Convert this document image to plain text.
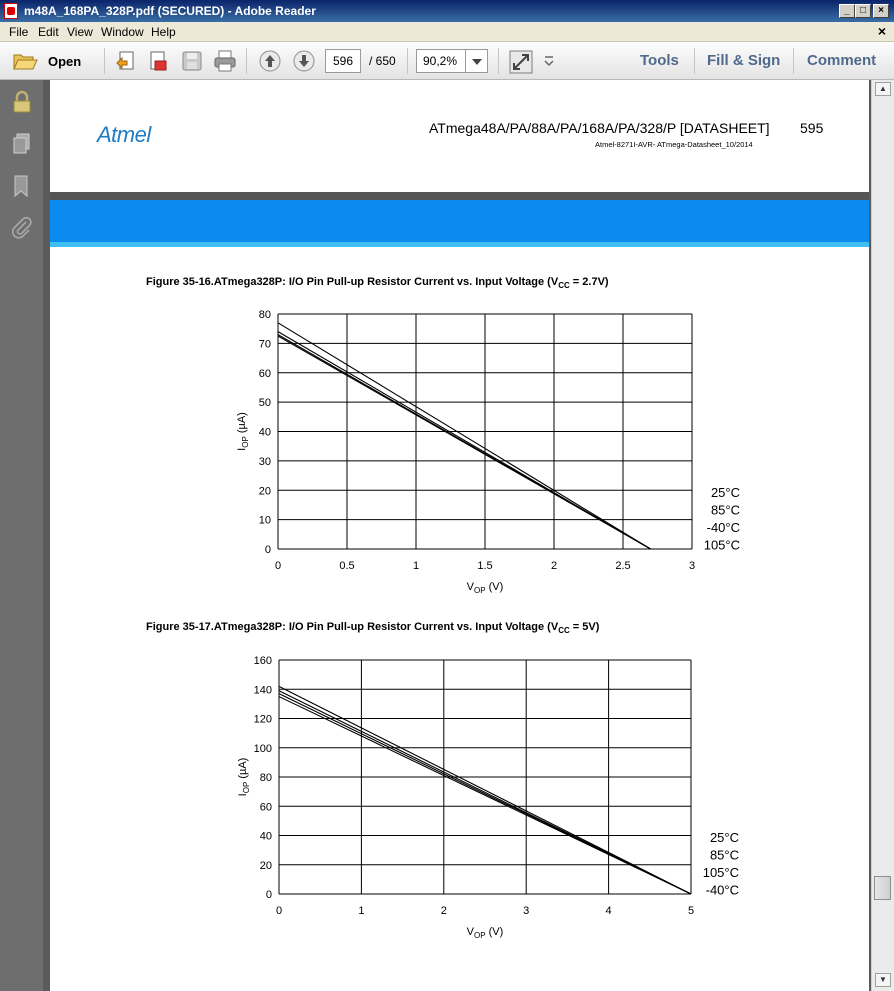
m48A_168PA_328P.pdf (SECURED) - Adobe Reader	_	□	×
File Edit View Window Help	×
Open	596	/ 650	90,2%	Tools Fill & Sign Comment
Atmel	ATmega48A/PA/88A/PA/168A/PA/328/P [DATASHEET] 595
Atmel-8271I-AVR- ATmega-Datasheet_10/2014
Figure 35-16.ATmega328P: I/O Pin Pull-up Resistor Current vs. Input Voltage $(V_{CC} = 2.7V)$
0	0.5	1	1.5	2	2.5	3
0
10
20
30
40
50
60
70
80
25°C
85°C
-40°C
105°C
$V_{OP}$ (V)
$I_{OP}$ (µA)
Figure 35-17.ATmega328P: I/O Pin Pull-up Resistor Current vs. Input Voltage $(V_{CC} = 5V)$
0	1	2	3	4	5
0
20
40
60
80
100
120
140
160
25°C
85°C
105°C
-40°C
$V_{OP}$ (V)
$I_{OP}$ (µA)
▲
▼
